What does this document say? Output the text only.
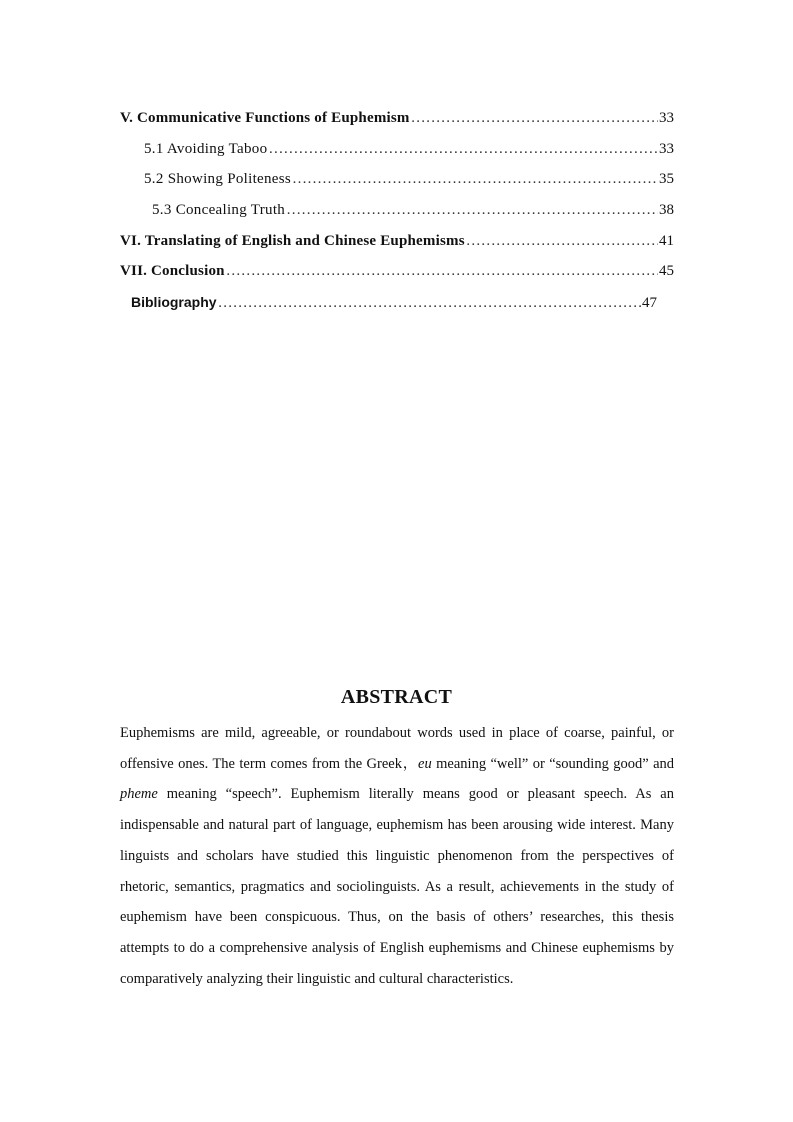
V. Communicative Functions of Euphemism ……………………………………………………………………………………………………………………………………………………………………………………	33
5.1 Avoiding Taboo ……………………………………………………………………………………………………………………………………………………………………………………	33
5.2 Showing Politeness ……………………………………………………………………………………………………………………………………………………………………………………	35
5.3 Concealing Truth ……………………………………………………………………………………………………………………………………………………………………………………	38
VI. Translating of English and Chinese Euphemisms ……………………………………………………………………………………………………………………………………………………………………………………	41
VII. Conclusion ……………………………………………………………………………………………………………………………………………………………………………………	45
Bibliography ……………………………………………………………………………………………………………………………………………………………………………………	47
ABSTRACT
Euphemisms are mild, agreeable, or roundabout words used in place of coarse, painful, or offensive ones. The term comes from the Greek，eu meaning “well” or “sounding good” and pheme meaning “speech”. Euphemism literally means good or pleasant speech. As an indispensable and natural part of language, euphemism has been arousing wide interest. Many linguists and scholars have studied this linguistic phenomenon from the perspectives of rhetoric, semantics, pragmatics and sociolinguists. As a result, achievements in the study of euphemism have been conspicuous. Thus, on the basis of others’ researches, this thesis attempts to do a comprehensive analysis of English euphemisms and Chinese euphemisms by comparatively analyzing their linguistic and cultural characteristics.
